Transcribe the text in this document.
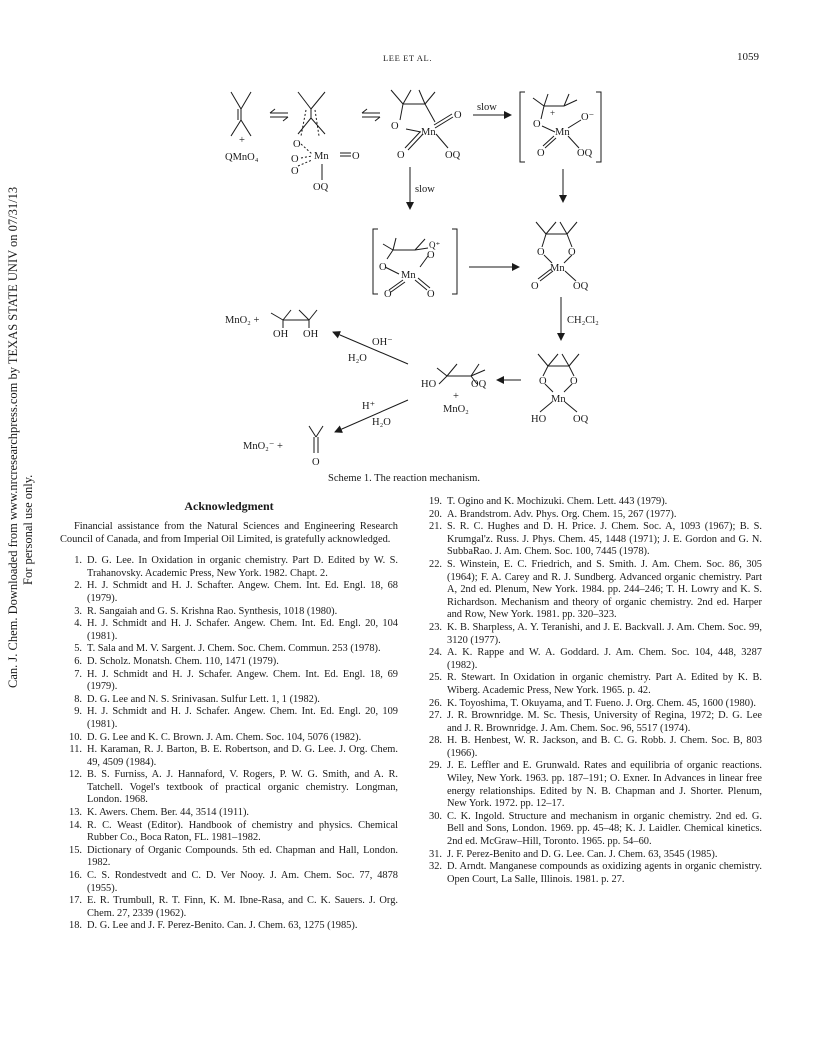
Can. J. Chem. Downloaded from www.nrcresearchpress.com by TEXAS STATE UNIV on 07/31/13 For personal use only.
LEE ET AL.	1059
+
QMnO₄
O
O
O
Mn O
OQ
O
Mn
O
O	OQ
slow	+
O
Mn
O⁻
O	OQ
slow
Q⁺
O
Mn
O
O	O
O O
Mn
O	OQ
CH₂Cl₂
MnO₂ +
OH OH
OH⁻
H₂O
HO	OQ
+
MnO₂
O O
Mn
HO	OQ
H⁺
H₂O
MnO₂⁻ +
O
Scheme 1. The reaction mechanism.
Acknowledgment

Financial assistance from the Natural Sciences and Engineering Research Council of Canada, and from Imperial Oil Limited, is gratefully acknowledged.

1. D. G. Lee. In Oxidation in organic chemistry. Part D. Edited by W. S. Trahanovsky. Academic Press, New York. 1982. Chapt. 2.
2. H. J. Schmidt and H. J. Schafter. Angew. Chem. Int. Ed. Engl. 18, 68 (1979).
3. R. Sangaiah and G. S. Krishna Rao. Synthesis, 1018 (1980).
4. H. J. Schmidt and H. J. Schafer. Angew. Chem. Int. Ed. Engl. 20, 104 (1981).
5. T. Sala and M. V. Sargent. J. Chem. Soc. Chem. Commun. 253 (1978).
6. D. Scholz. Monatsh. Chem. 110, 1471 (1979).
7. H. J. Schmidt and H. J. Schafer. Angew. Chem. Int. Ed. Engl. 18, 69 (1979).
8. D. G. Lee and N. S. Srinivasan. Sulfur Lett. 1, 1 (1982).
9. H. J. Schmidt and H. J. Schafer. Angew. Chem. Int. Ed. Engl. 20, 109 (1981).
10. D. G. Lee and K. C. Brown. J. Am. Chem. Soc. 104, 5076 (1982).
11. H. Karaman, R. J. Barton, B. E. Robertson, and D. G. Lee. J. Org. Chem. 49, 4509 (1984).
12. B. S. Furniss, A. J. Hannaford, V. Rogers, P. W. G. Smith, and A. R. Tatchell. Vogel's textbook of practical organic chemistry. Longman, London. 1968.
13. K. Awers. Chem. Ber. 44, 3514 (1911).
14. R. C. Weast (Editor). Handbook of chemistry and physics. Chemical Rubber Co., Boca Raton, FL. 1981–1982.
15. Dictionary of Organic Compounds. 5th ed. Chapman and Hall, London. 1982.
16. C. S. Rondestvedt and C. D. Ver Nooy. J. Am. Chem. Soc. 77, 4878 (1955).
17. E. R. Trumbull, R. T. Finn, K. M. Ibne-Rasa, and C. K. Sauers. J. Org. Chem. 27, 2339 (1962).
18. D. G. Lee and J. F. Perez-Benito. Can. J. Chem. 63, 1275 (1985).
19. T. Ogino and K. Mochizuki. Chem. Lett. 443 (1979).
20. A. Brandstrom. Adv. Phys. Org. Chem. 15, 267 (1977).
21. S. R. C. Hughes and D. H. Price. J. Chem. Soc. A, 1093 (1967); B. S. Krumgal'z. Russ. J. Phys. Chem. 45, 1448 (1971); J. E. Gordon and G. N. SubbaRao. J. Am. Chem. Soc. 100, 7445 (1978).
22. S. Winstein, E. C. Friedrich, and S. Smith. J. Am. Chem. Soc. 86, 305 (1964); F. A. Carey and R. J. Sundberg. Advanced organic chemistry. Part A, 2nd ed. Plenum, New York. 1984. pp. 244–246; T. H. Lowry and K. S. Richardson. Mechanism and theory of organic chemistry. 2nd ed. Harper and Row, New York. 1981. pp. 320–323.
23. K. B. Sharpless, A. Y. Teranishi, and J. E. Backvall. J. Am. Chem. Soc. 99, 3120 (1977).
24. A. K. Rappe and W. A. Goddard. J. Am. Chem. Soc. 104, 448, 3287 (1982).
25. R. Stewart. In Oxidation in organic chemistry. Part A. Edited by K. B. Wiberg. Academic Press, New York. 1965. p. 42.
26. K. Toyoshima, T. Okuyama, and T. Fueno. J. Org. Chem. 45, 1600 (1980).
27. J. R. Brownridge. M. Sc. Thesis, University of Regina, 1972; D. G. Lee and J. R. Brownridge. J. Am. Chem. Soc. 96, 5517 (1974).
28. H. B. Henbest, W. R. Jackson, and B. C. G. Robb. J. Chem. Soc. B, 803 (1966).
29. J. E. Leffler and E. Grunwald. Rates and equilibria of organic reactions. Wiley, New York. 1963. pp. 187–191; O. Exner. In Advances in linear free energy relationships. Edited by N. B. Chapman and J. Shorter. Plenum, New York. 1972. pp. 12–17.
30. C. K. Ingold. Structure and mechanism in organic chemistry. 2nd ed. G. Bell and Sons, London. 1969. pp. 45–48; K. J. Laidler. Chemical kinetics. 2nd ed. McGraw–Hill, Toronto. 1965. pp. 54–60.
31. J. F. Perez-Benito and D. G. Lee. Can. J. Chem. 63, 3545 (1985).
32. D. Arndt. Manganese compounds as oxidizing agents in organic chemistry. Open Court, La Salle, Illinois. 1981. p. 27.
